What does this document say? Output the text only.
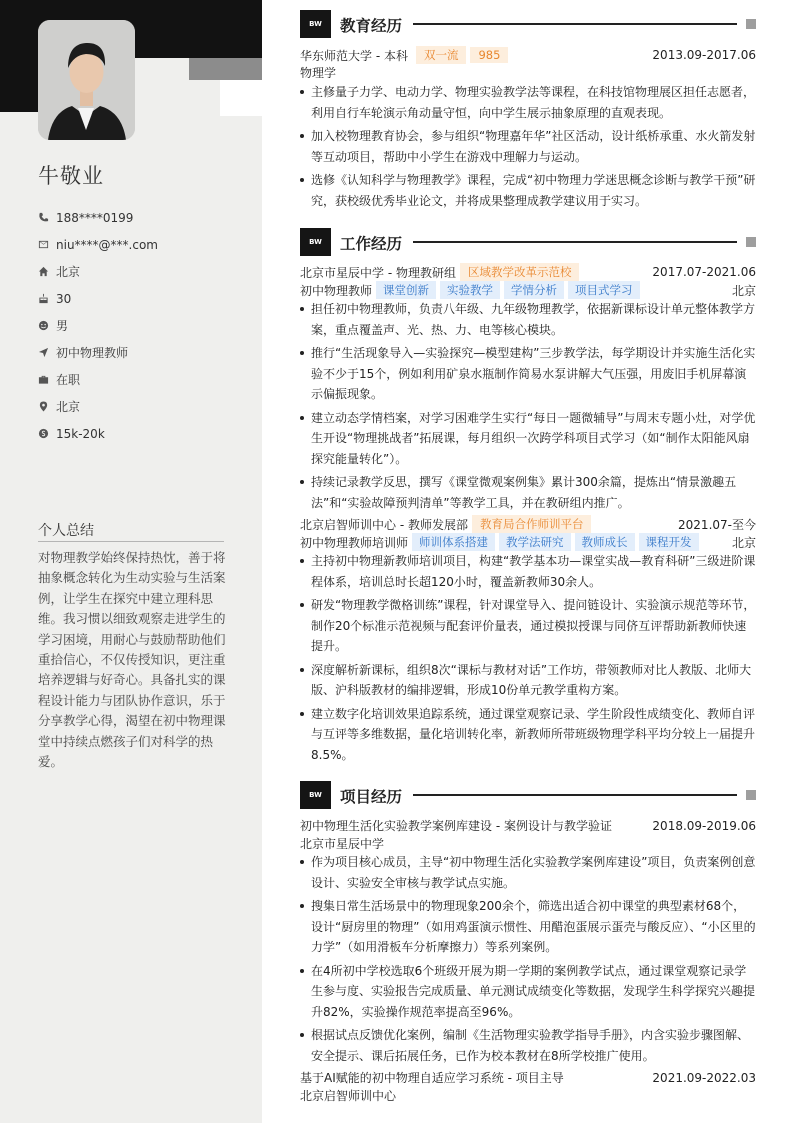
牛敬业
188****0199
niu****@***.com
北京
30
男
初中物理教师
在职
北京
15k-20k
个人总结
对物理教学始终保持热忱，善于将抽象概念转化为生动实验与生活案例，让学生在探究中建立理科思维。我习惯以细致观察走进学生的学习困境，用耐心与鼓励帮助他们重拾信心，不仅传授知识，更注重培养逻辑与好奇心。具备扎实的课程设计能力与团队协作意识，乐于分享教学心得，渴望在初中物理课堂中持续点燃孩子们对科学的热爱。
BW	教育经历
华东师范大学 - 本科	双一流	985	2013.09-2017.06
物理学
主修量子力学、电动力学、物理实验教学法等课程，在科技馆物理展区担任志愿者，利用自行车轮演示角动量守恒，向中学生展示抽象原理的直观表现。
加入校物理教育协会，参与组织“物理嘉年华”社区活动，设计纸桥承重、水火箭发射等互动项目，帮助中小学生在游戏中理解力与运动。
选修《认知科学与物理教学》课程，完成“初中物理力学迷思概念诊断与教学干预”研究，获校级优秀毕业论文，并将成果整理成教学建议用于实习。
BW	工作经历
北京市星辰中学 - 物理教研组	区域教学改革示范校	2017.07-2021.06
初中物理教师 课堂创新	实验教学	学情分析	项目式学习	北京
担任初中物理教师，负责八年级、九年级物理教学，依据新课标设计单元整体教学方案，重点覆盖声、光、热、力、电等核心模块。
推行“生活现象导入—实验探究—模型建构”三步教学法，每学期设计并实施生活化实验不少于15个，例如利用矿泉水瓶制作简易水泵讲解大气压强，用废旧手机屏幕演示偏振现象。
建立动态学情档案，对学习困难学生实行“每日一题微辅导”与周末专题小灶，对学优生开设“物理挑战者”拓展课，每月组织一次跨学科项目式学习（如“制作太阳能风扇探究能量转化”）。
持续记录教学反思，撰写《课堂微观案例集》累计300余篇，提炼出“情景激趣五法”和“实验故障预判清单”等教学工具，并在教研组内推广。
北京启智师训中心 - 教师发展部	教育局合作师训平台	2021.07-至今
初中物理教师培训师 师训体系搭建	教学法研究	教师成长	课程开发	北京
主持初中物理新教师培训项目，构建“教学基本功—课堂实战—教育科研”三级进阶课程体系，培训总时长超120小时，覆盖新教师30余人。
研发“物理教学微格训练”课程，针对课堂导入、提问链设计、实验演示规范等环节，制作20个标准示范视频与配套评价量表，通过模拟授课与同侪互评帮助新教师快速提升。
深度解析新课标，组织8次“课标与教材对话”工作坊，带领教师对比人教版、北师大版、沪科版教材的编排逻辑，形成10份单元教学重构方案。
建立数字化培训效果追踪系统，通过课堂观察记录、学生阶段性成绩变化、教师自评与互评等多维数据，量化培训转化率，新教师所带班级物理学科平均分较上一届提升8.5%。
BW	项目经历
初中物理生活化实验教学案例库建设 - 案例设计与教学验证	2018.09-2019.06
北京市星辰中学
作为项目核心成员，主导“初中物理生活化实验教学案例库建设”项目，负责案例创意设计、实验安全审核与教学试点实施。
搜集日常生活场景中的物理现象200余个，筛选出适合初中课堂的典型素材68个，设计“厨房里的物理”（如用鸡蛋演示惯性、用醋泡蛋展示蛋壳与酸反应）、“小区里的力学”（如用滑板车分析摩擦力）等系列案例。
在4所初中学校选取6个班级开展为期一学期的案例教学试点，通过课堂观察记录学生参与度、实验报告完成质量、单元测试成绩变化等数据，发现学生科学探究兴趣提升82%，实验操作规范率提高至96%。
根据试点反馈优化案例，编制《生活物理实验教学指导手册》，内含实验步骤图解、安全提示、课后拓展任务，已作为校本教材在8所学校推广使用。
基于AI赋能的初中物理自适应学习系统 - 项目主导	2021.09-2022.03
北京启智师训中心
